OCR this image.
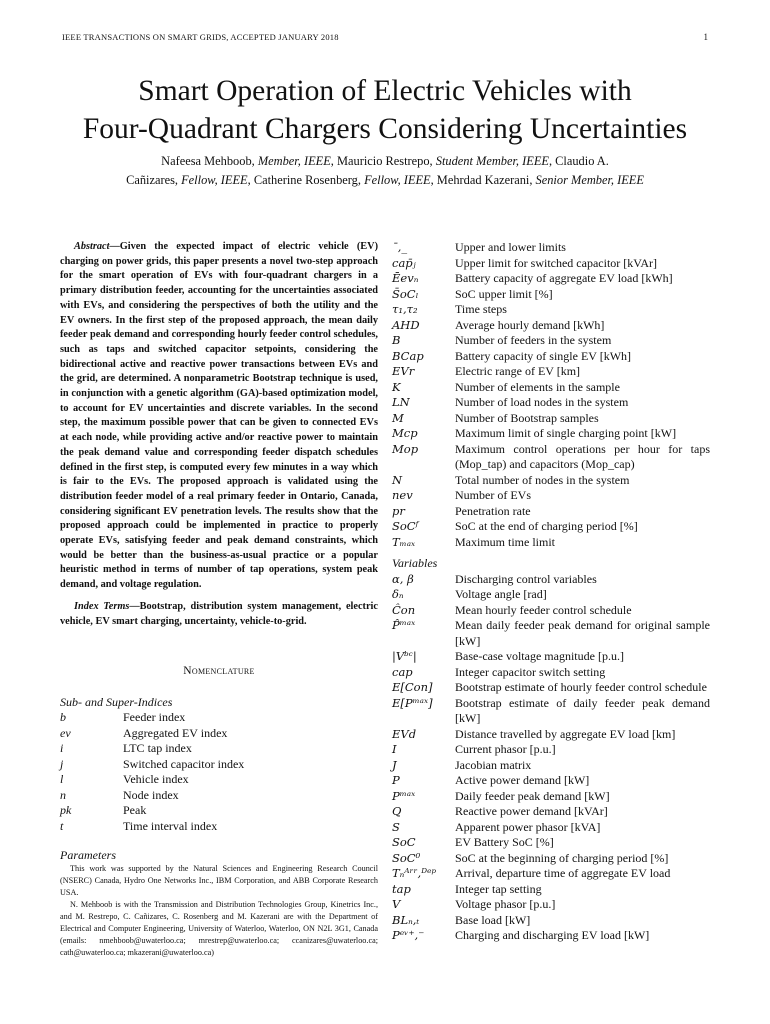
IEEE TRANSACTIONS ON SMART GRIDS, ACCEPTED JANUARY 2018	1
Smart Operation of Electric Vehicles with
Four-Quadrant Chargers Considering Uncertainties
Nafeesa Mehboob, Member, IEEE, Mauricio Restrepo, Student Member, IEEE, Claudio A.
Cañizares, Fellow, IEEE, Catherine Rosenberg, Fellow, IEEE, Mehrdad Kazerani, Senior Member, IEEE
Abstract—Given the expected impact of electric vehicle (EV) charging on power grids, this paper presents a novel two-step approach for the smart operation of EVs with four-quadrant chargers in a primary distribution feeder, accounting for the uncertainties associated with EVs, and considering the perspectives of both the utility and the EV owners. In the first step of the proposed approach, the mean daily feeder peak demand and corresponding hourly feeder control schedules, such as taps and switched capacitor setpoints, considering the bidirectional active and reactive power transactions between EVs and the grid, are determined. A nonparametric Bootstrap technique is used, in conjunction with a genetic algorithm (GA)-based optimization model, to account for EV uncertainties and discrete variables. In the second step, the maximum possible power that can be given to connected EVs at each node, while providing active and/or reactive power to maintain the peak demand value and corresponding feeder dispatch schedules defined in the first step, is computed every few minutes in a way which is fair to the EVs. The proposed approach is validated using the distribution feeder model of a real primary feeder in Ontario, Canada, considering significant EV penetration levels. The results show that the proposed approach could be implemented in practice to properly operate EVs, satisfying feeder and peak demand constraints, which would be better than the business-as-usual practice or a popular heuristic method in terms of number of tap operations, system peak demand, and voltage regulation.
Index Terms—Bootstrap, distribution system management, electric vehicle, EV smart charging, uncertainty, vehicle-to-grid.
Nomenclature
Sub- and Super-Indices
b	Feeder index
ev	Aggregated EV index
i	LTC tap index
j	Switched capacitor index
l	Vehicle index
n	Node index
pk	Peak
t	Time interval index
Parameters

This work was supported by the Natural Sciences and Engineering Research Council (NSERC) Canada, Hydro One Networks Inc., IBM Corporation, and ABB Corporate Research USA.

N. Mehboob is with the Transmission and Distribution Technologies Group, Kinetrics Inc., and M. Restrepo, C. Cañizares, C. Rosenberg and M. Kazerani are with the Department of Electrical and Computer Engineering, University of Waterloo, Waterloo, ON N2L 3G1, Canada (emails: nmehboob@uwaterloo.ca; mrestrep@uwaterloo.ca; ccanizares@uwaterloo.ca; cath@uwaterloo.ca; mkazerani@uwaterloo.ca)

¯,_	Upper and lower limits
cap̄ⱼ	Upper limit for switched capacitor [kVAr]
Ēevₙ	Battery capacity of aggregate EV load [kWh]
S̄oCₗ	SoC upper limit [%]
τ₁,τ₂	Time steps
AHD	Average hourly demand [kWh]
B	Number of feeders in the system
BCap	Battery capacity of single EV [kWh]
EVr	Electric range of EV [km]
K	Number of elements in the sample
LN	Number of load nodes in the system
M	Number of Bootstrap samples
Mcp	Maximum limit of single charging point [kW]
Mop	Maximum control operations per hour for taps (Mop_tap) and capacitors (Mop_cap)
N	Total number of nodes in the system
nev	Number of EVs
pr	Penetration rate
SoCᶠ	SoC at the end of charging period [%]
Tₘₐₓ	Maximum time limit
Variables
α, β	Discharging control variables
δₙ	Voltage angle [rad]
Ĉon	Mean hourly feeder control schedule
P̂ᵐᵃˣ	Mean daily feeder peak demand for original sample [kW]
|Vᵇᶜ|	Base-case voltage magnitude [p.u.]
cap	Integer capacitor switch setting
E[Con]	Bootstrap estimate of hourly feeder control schedule
E[Pᵐᵃˣ]	Bootstrap estimate of daily feeder peak demand [kW]
EVd	Distance travelled by aggregate EV load [km]
I	Current phasor [p.u.]
J	Jacobian matrix
P	Active power demand [kW]
Pᵐᵃˣ	Daily feeder peak demand [kW]
Q	Reactive power demand [kVAr]
S	Apparent power phasor [kVA]
SoC	EV Battery SoC [%]
SoC⁰	SoC at the beginning of charging period [%]
Tₙᴬʳʳ,ᴰᵉᵖ	Arrival, departure time of aggregate EV load
tap	Integer tap setting
V	Voltage phasor [p.u.]
BLₙ,ₜ	Base load [kW]
Pᵉᵛ⁺,⁻	Charging and discharging EV load [kW]
